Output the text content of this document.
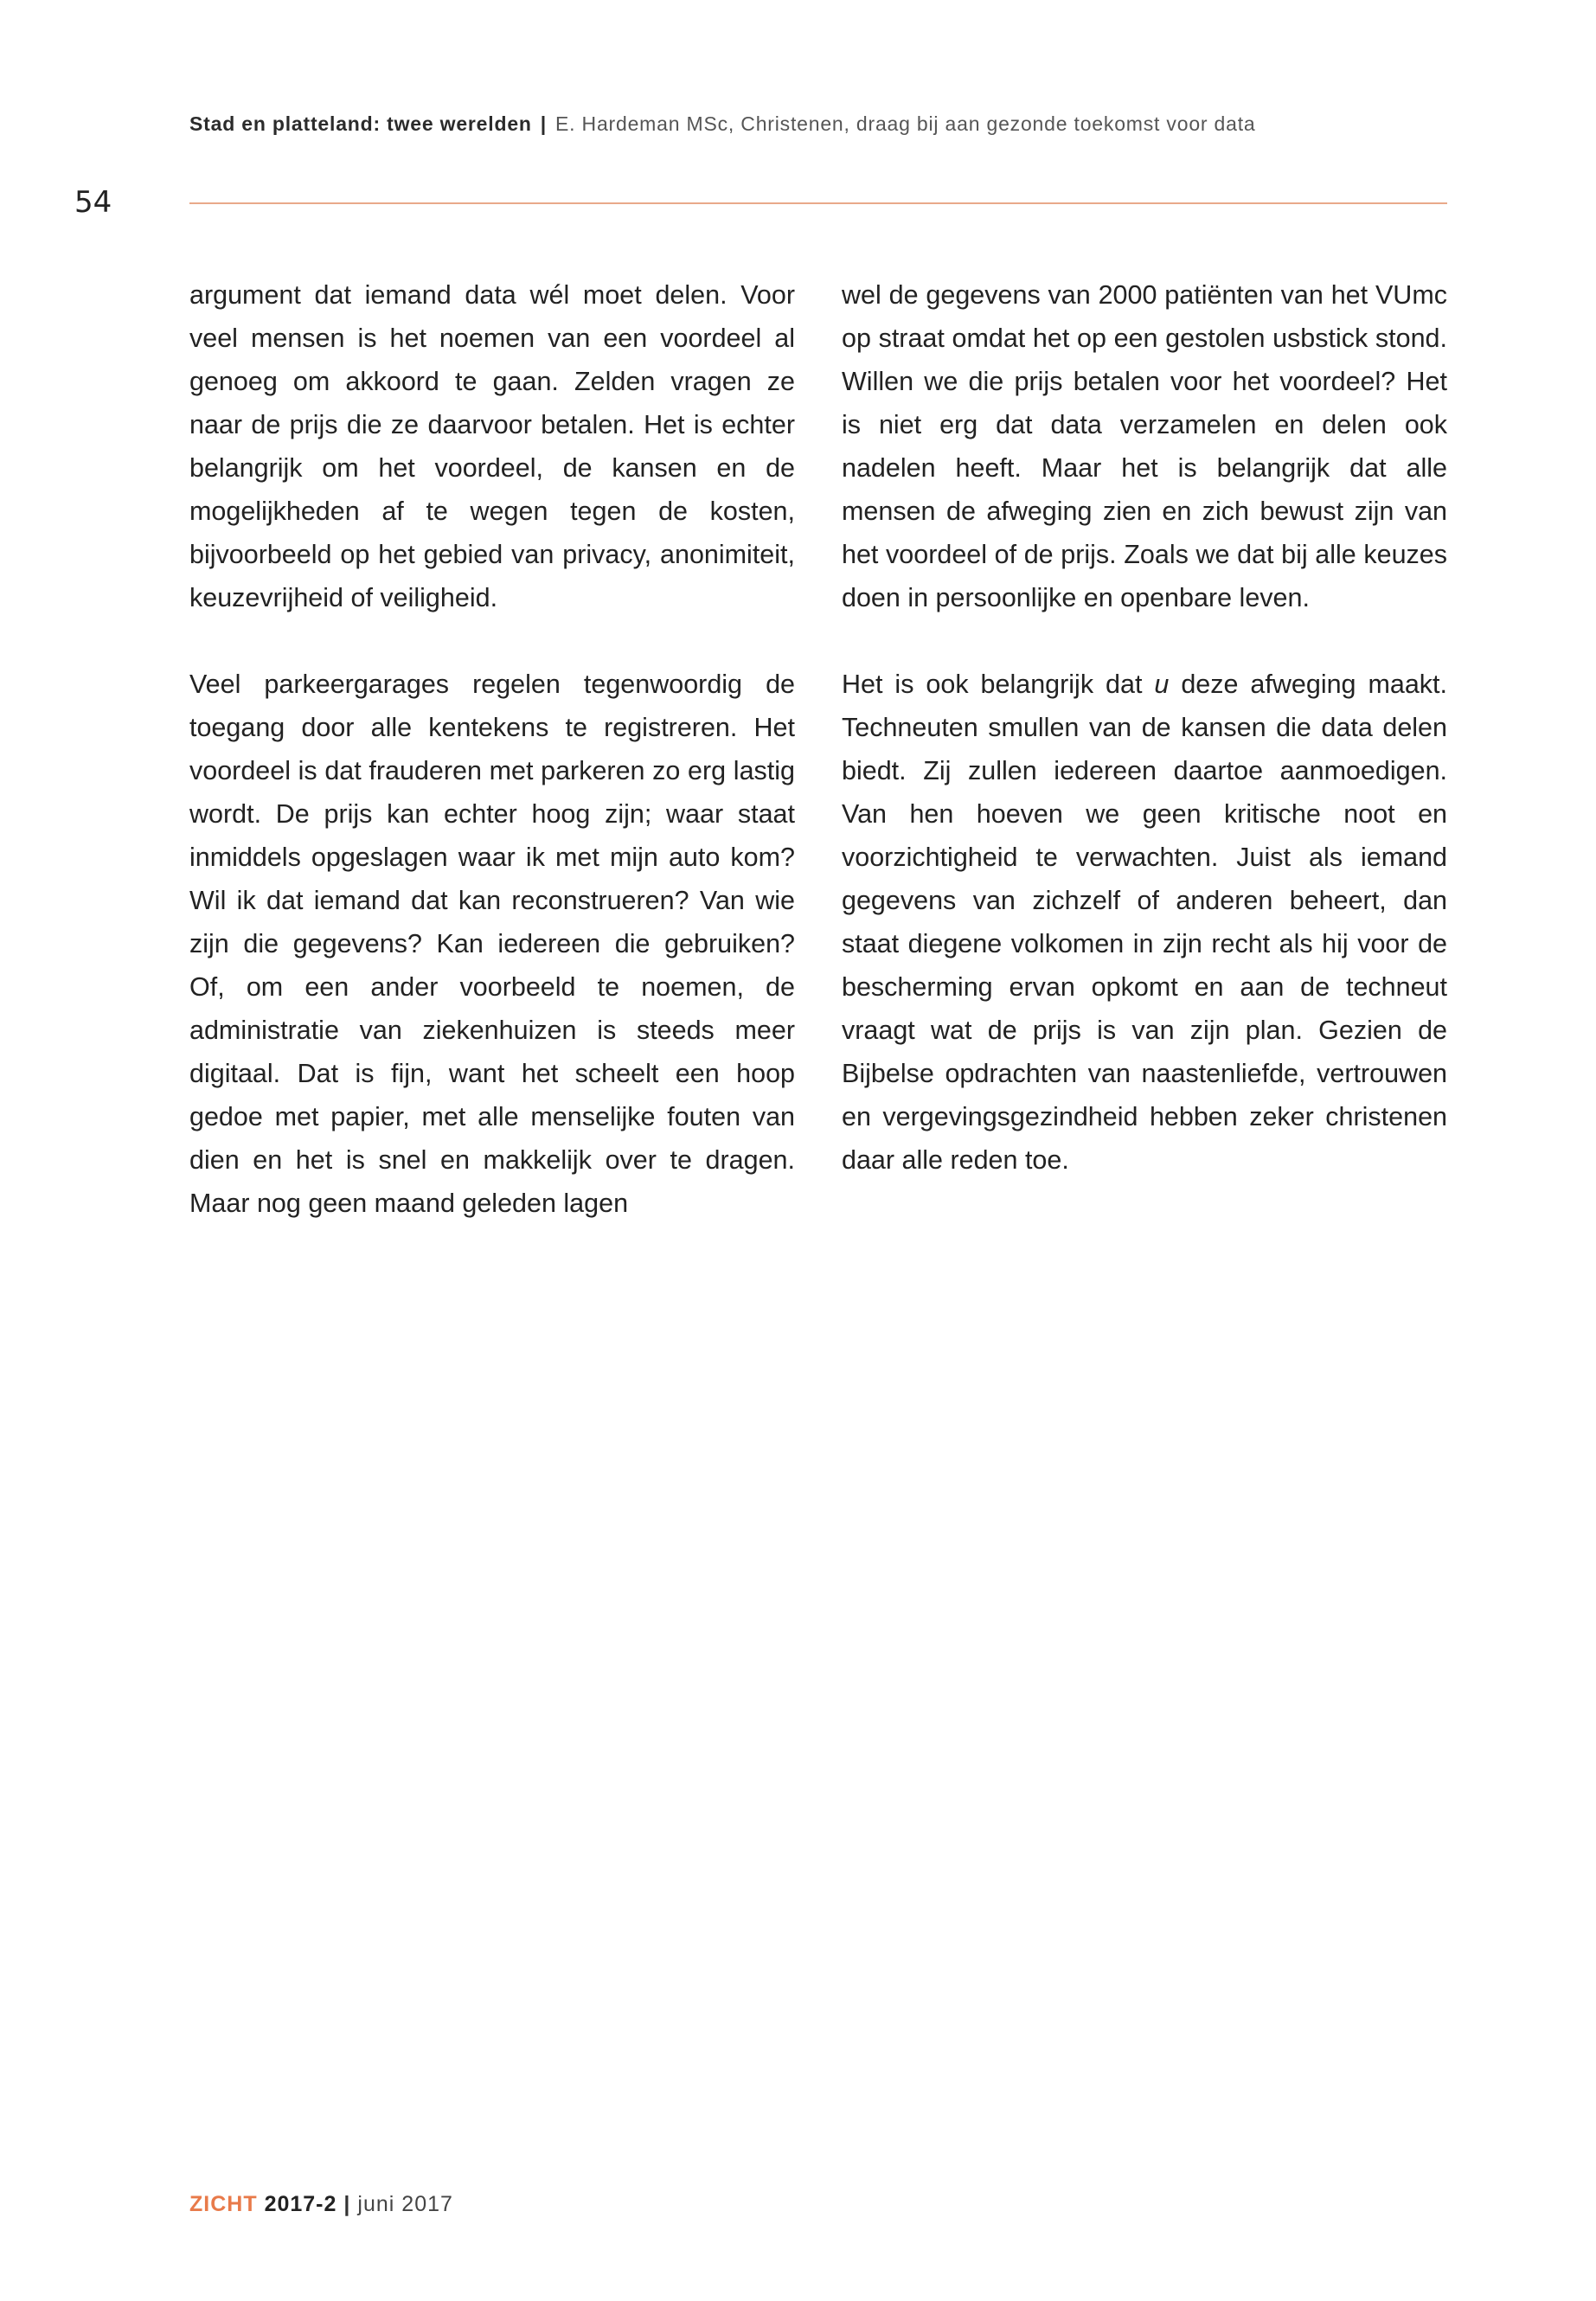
Stad en platteland: twee werelden | E. Hardeman MSc, Christenen, draag bij aan gezonde toekomst voor data
54

argument dat iemand data wél moet delen. Voor veel mensen is het noemen van een voordeel al genoeg om akkoord te gaan. Zelden vragen ze naar de prijs die ze daarvoor betalen. Het is echter belangrijk om het voordeel, de kansen en de mogelijkheden af te wegen tegen de kosten, bijvoorbeeld op het gebied van privacy, anonimiteit, keuzevrijheid of veiligheid.

Veel parkeergarages regelen tegenwoordig de toegang door alle kentekens te registreren. Het voordeel is dat frauderen met parkeren zo erg lastig wordt. De prijs kan echter hoog zijn; waar staat inmiddels opgeslagen waar ik met mijn auto kom? Wil ik dat iemand dat kan reconstrueren? Van wie zijn die gegevens? Kan iedereen die gebruiken? Of, om een ander voorbeeld te noemen, de administratie van ziekenhuizen is steeds meer digitaal. Dat is fijn, want het scheelt een hoop gedoe met papier, met alle menselijke fouten van dien en het is snel en makkelijk over te dragen. Maar nog geen maand geleden lagen

wel de gegevens van 2000 patiënten van het VUmc op straat omdat het op een gestolen usbstick stond. Willen we die prijs betalen voor het voordeel? Het is niet erg dat data verzamelen en delen ook nadelen heeft. Maar het is belangrijk dat alle mensen de afweging zien en zich bewust zijn van het voordeel of de prijs. Zoals we dat bij alle keuzes doen in persoonlijke en openbare leven.

Het is ook belangrijk dat u deze afweging maakt. Techneuten smullen van de kansen die data delen biedt. Zij zullen iedereen daartoe aanmoedigen. Van hen hoeven we geen kritische noot en voorzichtigheid te verwachten. Juist als iemand gegevens van zichzelf of anderen beheert, dan staat diegene volkomen in zijn recht als hij voor de bescherming ervan opkomt en aan de techneut vraagt wat de prijs is van zijn plan. Gezien de Bijbelse opdrachten van naastenliefde, vertrouwen en vergevingsgezindheid hebben zeker christenen daar alle reden toe.

ZICHT 2017-2 | juni 2017
